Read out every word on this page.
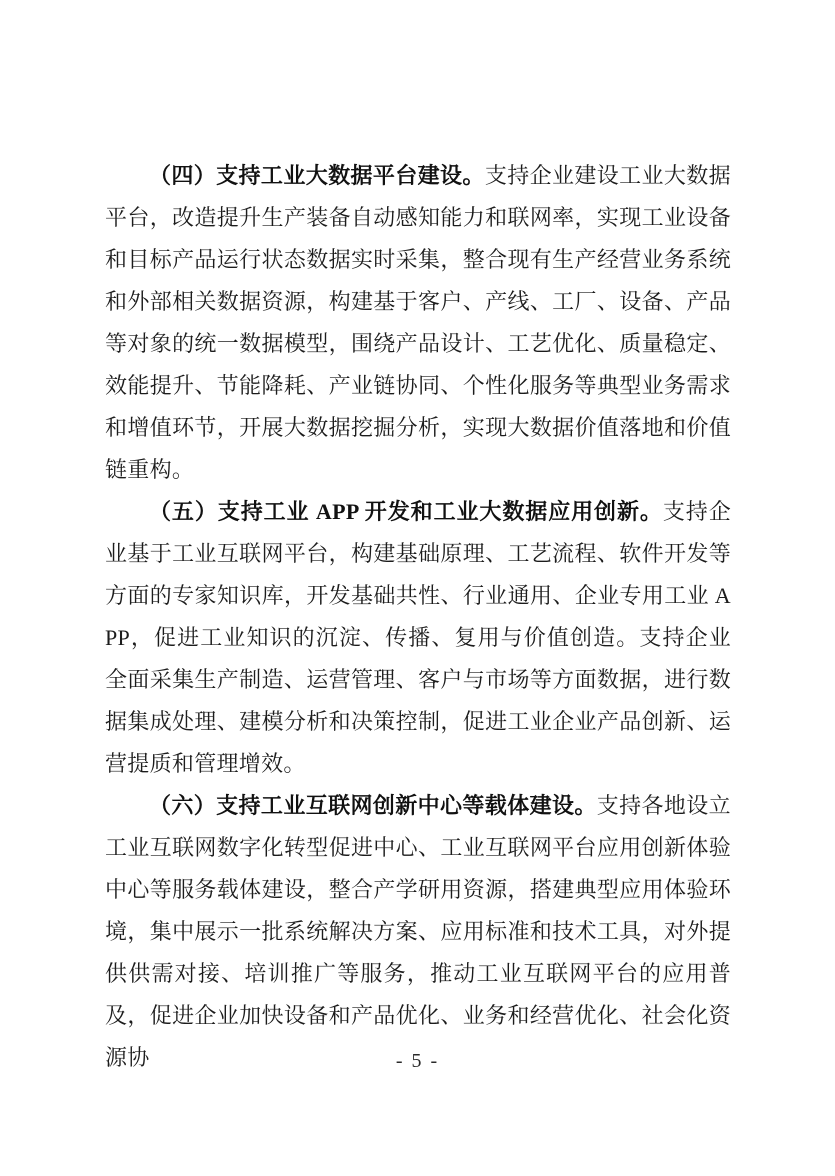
（四）支持工业大数据平台建设。支持企业建设工业大数据平台，改造提升生产装备自动感知能力和联网率，实现工业设备和目标产品运行状态数据实时采集，整合现有生产经营业务系统和外部相关数据资源，构建基于客户、产线、工厂、设备、产品等对象的统一数据模型，围绕产品设计、工艺优化、质量稳定、效能提升、节能降耗、产业链协同、个性化服务等典型业务需求和增值环节，开展大数据挖掘分析，实现大数据价值落地和价值链重构。

（五）支持工业 APP 开发和工业大数据应用创新。支持企业基于工业互联网平台，构建基础原理、工艺流程、软件开发等方面的专家知识库，开发基础共性、行业通用、企业专用工业 APP，促进工业知识的沉淀、传播、复用与价值创造。支持企业全面采集生产制造、运营管理、客户与市场等方面数据，进行数据集成处理、建模分析和决策控制，促进工业企业产品创新、运营提质和管理增效。

（六）支持工业互联网创新中心等载体建设。支持各地设立工业互联网数字化转型促进中心、工业互联网平台应用创新体验中心等服务载体建设，整合产学研用资源，搭建典型应用体验环境，集中展示一批系统解决方案、应用标准和技术工具，对外提供供需对接、培训推广等服务，推动工业互联网平台的应用普及，促进企业加快设备和产品优化、业务和经营优化、社会化资源协	- 5 -
